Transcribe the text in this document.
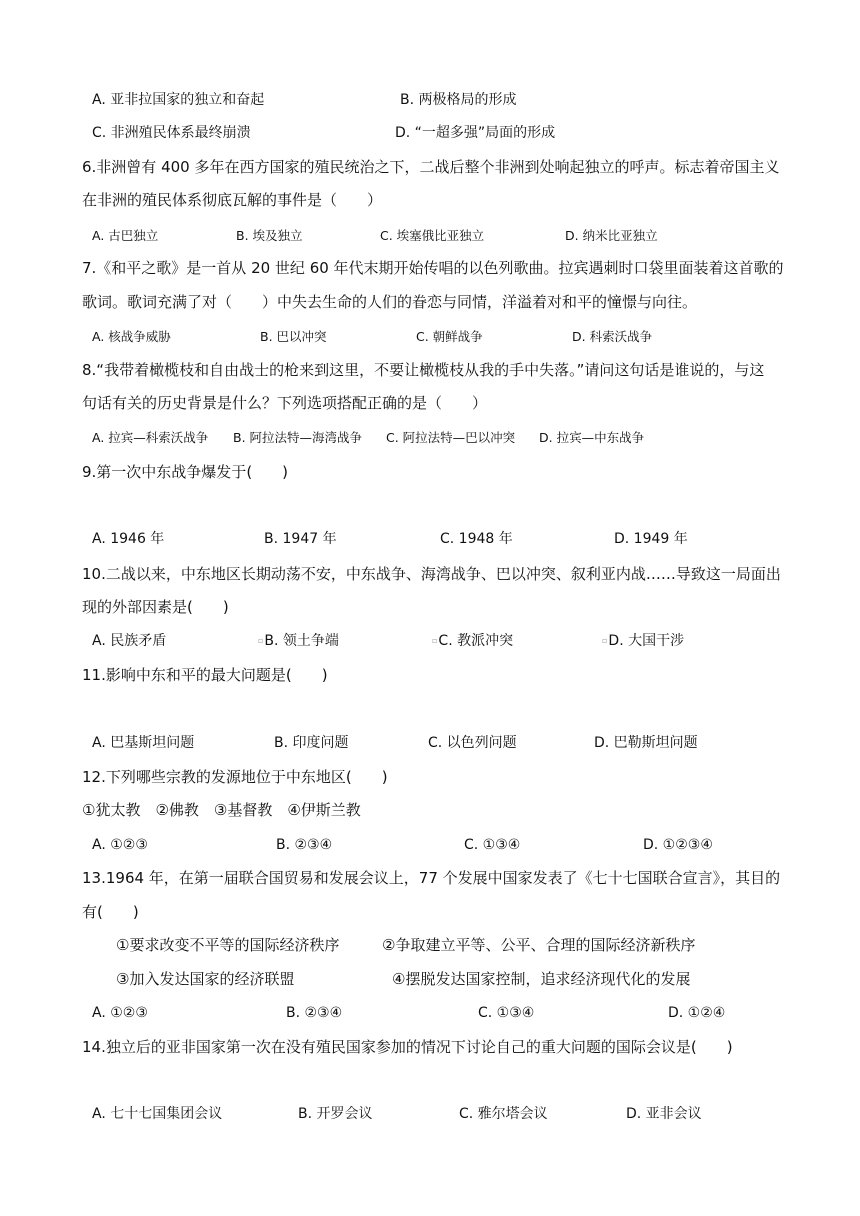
A. 亚非拉国家的独立和奋起	B. 两极格局的形成
C. 非洲殖民体系最终崩溃	D. “一超多强”局面的形成
6.非洲曾有 400 多年在西方国家的殖民统治之下，二战后整个非洲到处响起独立的呼声。标志着帝国主义
在非洲的殖民体系彻底瓦解的事件是（　　）
A. 古巴独立	B. 埃及独立	C. 埃塞俄比亚独立	D. 纳米比亚独立
7.《和平之歌》是一首从 20 世纪 60 年代末期开始传唱的以色列歌曲。拉宾遇刺时口袋里面装着这首歌的
歌词。歌词充满了对（　　）中失去生命的人们的眷恋与同情，洋溢着对和平的憧憬与向往。
A. 核战争威胁	B. 巴以冲突	C. 朝鲜战争	D. 科索沃战争
8.“我带着橄榄枝和自由战士的枪来到这里，不要让橄榄枝从我的手中失落。”请问这句话是谁说的，与这
句话有关的历史背景是什么？下列选项搭配正确的是（　　）
A. 拉宾—科索沃战争 B. 阿拉法特—海湾战争 C. 阿拉法特—巴以冲突 D. 拉宾—中东战争
9.第一次中东战争爆发于(　　)
A. 1946 年	B. 1947 年	C. 1948 年	D. 1949 年
10.二战以来，中东地区长期动荡不安，中东战争、海湾战争、巴以冲突、叙利亚内战……导致这一局面出
现的外部因素是(　　)
A. 民族矛盾	▫B. 领土争端	▫C. 教派冲突	▫D. 大国干涉
11.影响中东和平的最大问题是(　　)
A. 巴基斯坦问题	B. 印度问题	C. 以色列问题	D. 巴勒斯坦问题
12.下列哪些宗教的发源地位于中东地区(　　)
①犹太教　②佛教　③基督教　④伊斯兰教
A. ①②③	B. ②③④	C. ①③④	D. ①②③④
13.1964 年，在第一届联合国贸易和发展会议上，77 个发展中国家发表了《七十七国联合宣言》，其目的
有(　　)
①要求改变不平等的国际经济秩序	②争取建立平等、公平、合理的国际经济新秩序
③加入发达国家的经济联盟	④摆脱发达国家控制，追求经济现代化的发展
A. ①②③	B. ②③④	C. ①③④	D. ①②④
14.独立后的亚非国家第一次在没有殖民国家参加的情况下讨论自己的重大问题的国际会议是(　　)
A. 七十七国集团会议	B. 开罗会议	C. 雅尔塔会议	D. 亚非会议
